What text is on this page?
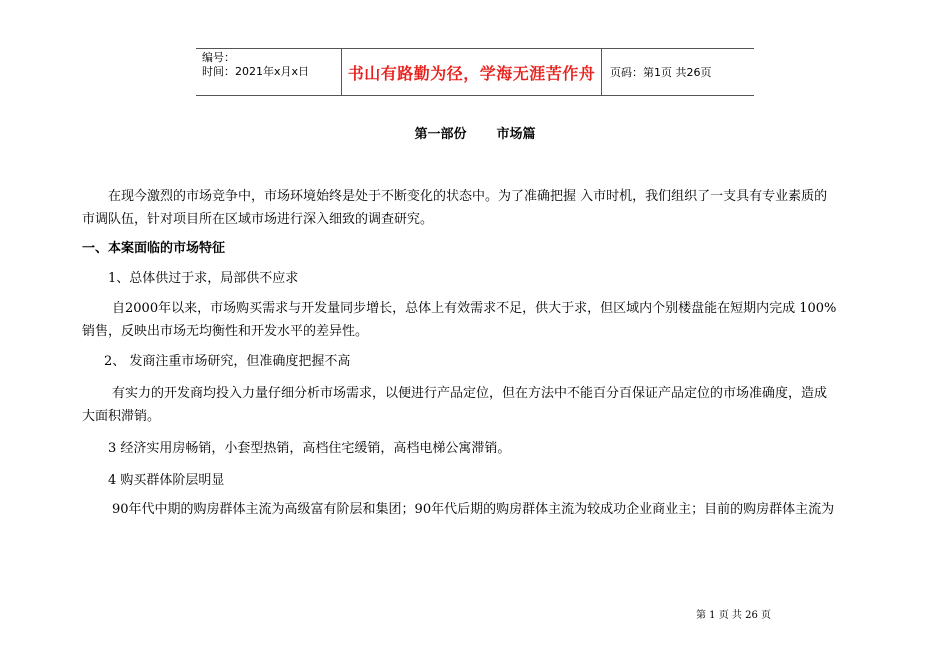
编号：
时间：2021年x月x日	书山有路勤为径，学海无涯苦作舟 页码：第1页 共26页
第一部份 市场篇

在现今激烈的市场竞争中，市场环境始终是处于不断变化的状态中。为了准确把握 入市时机，我们组织了一支具有专业素质的

市调队伍，针对项目所在区域市场进行深入细致的调查研究。

一、本案面临的市场特征

1、总体供过于求，局部供不应求

自2000年以来，市场购买需求与开发量同步增长，总体上有效需求不足，供大于求，但区域内个别楼盘能在短期内完成 100%

销售，反映出市场无均衡性和开发水平的差异性。

2、 发商注重市场研究，但准确度把握不高

有实力的开发商均投入力量仔细分析市场需求，以便进行产品定位，但在方法中不能百分百保证产品定位的市场准确度，造成

大面积滞销。

3 经济实用房畅销，小套型热销，高档住宅缓销，高档电梯公寓滞销。

4 购买群体阶层明显

90年代中期的购房群体主流为高级富有阶层和集团；90年代后期的购房群体主流为较成功企业商业主；目前的购房群体主流为

第 1 页 共 26 页
